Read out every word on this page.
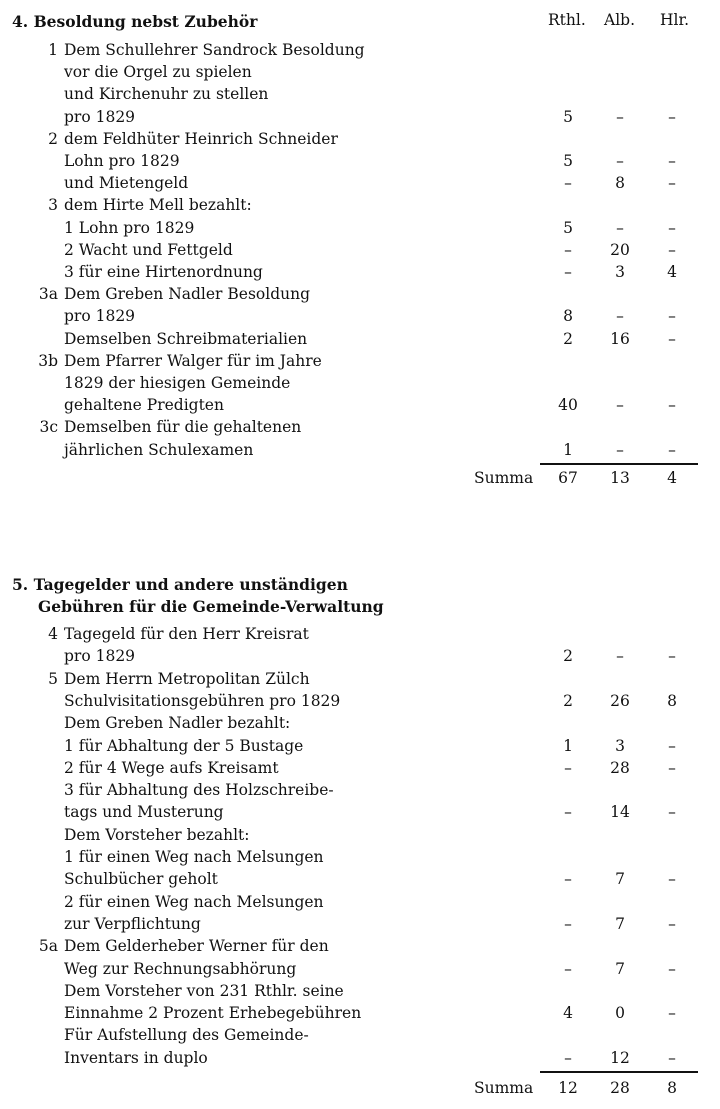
Rthl. Alb. Hlr.
4. Besoldung nebst Zubehör
1 Dem Schullehrer Sandrock Besoldung
vor die Orgel zu spielen
und Kirchenuhr zu stellen
pro 1829	5	–	–
2 dem Feldhüter Heinrich Schneider
Lohn pro 1829	5	–	–
und Mietengeld	–	8	–
3 dem Hirte Mell bezahlt:
1 Lohn pro 1829	5	–	–
2 Wacht und Fettgeld	–	20	–
3 für eine Hirtenordnung	–	3	4
3a Dem Greben Nadler Besoldung
pro 1829	8	–	–
Demselben Schreibmaterialien	2	16	–
3b Dem Pfarrer Walger für im Jahre
1829 der hiesigen Gemeinde
gehaltene Predigten	40	–	–
3c Demselben für die gehaltenen
jährlichen Schulexamen	1	–	–
Summa	67	13	4
5. Tagegelder und andere unständigen
Gebühren für die Gemeinde-Verwaltung
4 Tagegeld für den Herr Kreisrat
pro 1829	2	–	–
5 Dem Herrn Metropolitan Zülch
Schulvisitationsgebühren pro 1829	2	26	8
Dem Greben Nadler bezahlt:
1 für Abhaltung der 5 Bustage	1	3	–
2 für 4 Wege aufs Kreisamt	–	28	–
3 für Abhaltung des Holzschreibe-
tags und Musterung	–	14	–
Dem Vorsteher bezahlt:
1 für einen Weg nach Melsungen
Schulbücher geholt	–	7	–
2 für einen Weg nach Melsungen
zur Verpflichtung	–	7	–
5a Dem Gelderheber Werner für den
Weg zur Rechnungsabhörung	–	7	–
Dem Vorsteher von 231 Rthlr. seine
Einnahme 2 Prozent Erhebegebühren	4	0	–
Für Aufstellung des Gemeinde-
Inventars in duplo	–	12	–
Summa	12	28	8
